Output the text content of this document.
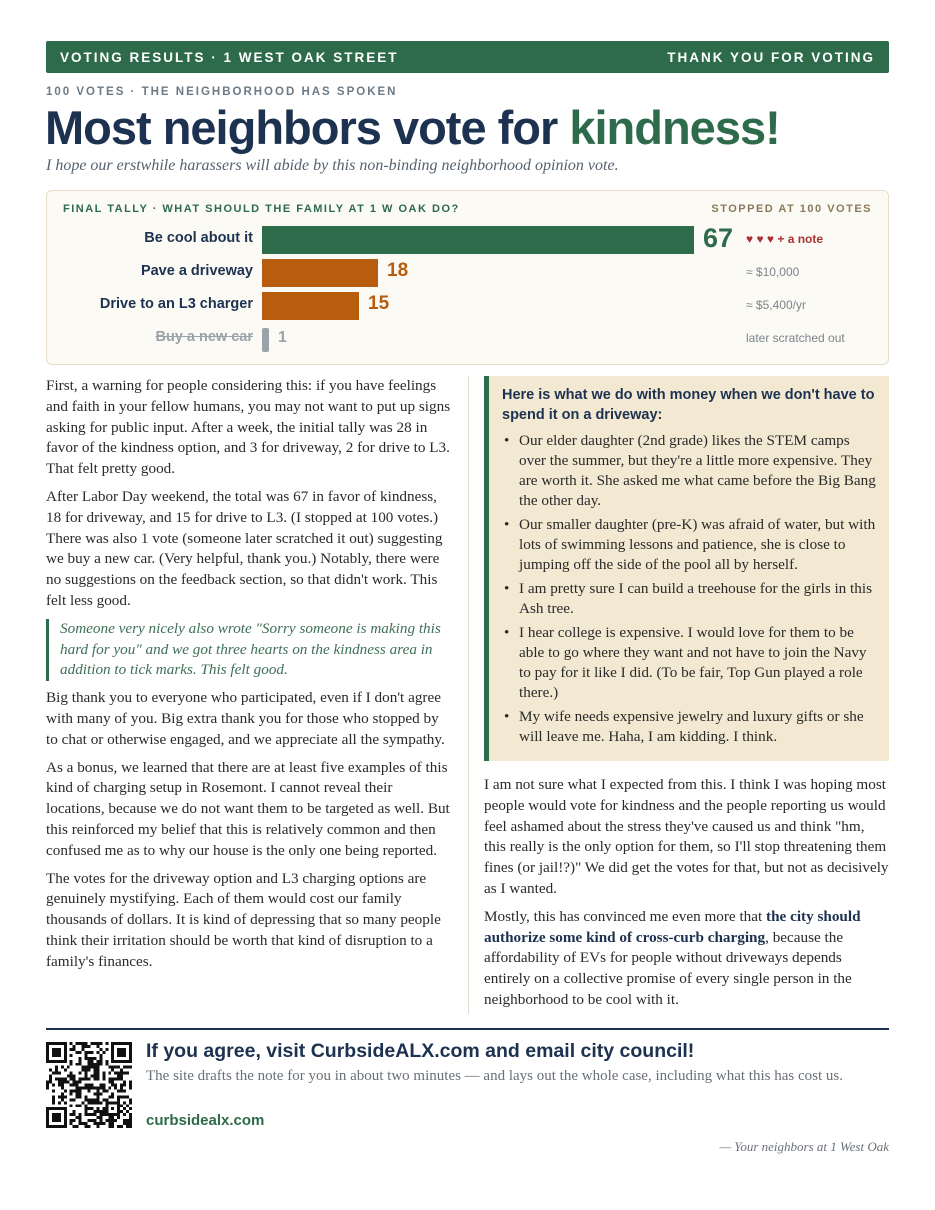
VOTING RESULTS · 1 WEST OAK STREET	THANK YOU FOR VOTING
100 VOTES · THE NEIGHBORHOOD HAS SPOKEN
Most neighbors vote for kindness!
I hope our erstwhile harassers will abide by this non-binding neighborhood opinion vote.
FINAL TALLY · WHAT SHOULD THE FAMILY AT 1 W OAK DO?	STOPPED AT 100 VOTES
Be cool about it	67 ♥ ♥ ♥ + a note
Pave a driveway	18	≈ $10,000
Drive to an L3 charger	15	≈ $5,400/yr
Buy a new car 1	later scratched out

First, a warning for people considering this: if you have feelings and faith in your fellow humans, you may not want to put up signs asking for public input. After a week, the initial tally was 28 in favor of the kindness option, and 3 for driveway, 2 for drive to L3. That felt pretty good.

After Labor Day weekend, the total was 67 in favor of kindness, 18 for driveway, and 15 for drive to L3. (I stopped at 100 votes.) There was also 1 vote (someone later scratched it out) suggesting we buy a new car. (Very helpful, thank you.) Notably, there were no suggestions on the feedback section, so that didn't work. This felt less good.

Someone very nicely also wrote "Sorry someone is making this hard for you" and we got three hearts on the kindness area in addition to tick marks. This felt good.

Big thank you to everyone who participated, even if I don't agree with many of you. Big extra thank you for those who stopped by to chat or otherwise engaged, and we appreciate all the sympathy.

As a bonus, we learned that there are at least five examples of this kind of charging setup in Rosemont. I cannot reveal their locations, because we do not want them to be targeted as well. But this reinforced my belief that this is relatively common and then confused me as to why our house is the only one being reported.

The votes for the driveway option and L3 charging options are genuinely mystifying. Each of them would cost our family thousands of dollars. It is kind of depressing that so many people think their irritation should be worth that kind of disruption to a family's finances.

Here is what we do with money when we don't have to spend it on a driveway:
• Our elder daughter (2nd grade) likes the STEM camps over the summer, but they're a little more expensive. They are worth it. She asked me what came before the Big Bang the other day.
• Our smaller daughter (pre-K) was afraid of water, but with lots of swimming lessons and patience, she is close to jumping off the side of the pool all by herself.
• I am pretty sure I can build a treehouse for the girls in this Ash tree.
• I hear college is expensive. I would love for them to be able to go where they want and not have to join the Navy to pay for it like I did. (To be fair, Top Gun played a role there.)
• My wife needs expensive jewelry and luxury gifts or she will leave me. Haha, I am kidding. I think.

I am not sure what I expected from this. I think I was hoping most people would vote for kindness and the people reporting us would feel ashamed about the stress they've caused us and think "hm, this really is the only option for them, so I'll stop threatening them fines (or jail!?)" We did get the votes for that, but not as decisively as I wanted.

Mostly, this has convinced me even more that the city should authorize some kind of cross-curb charging, because the affordability of EVs for people without driveways depends entirely on a collective promise of every single person in the neighborhood to be cool with it.

If you agree, visit CurbsideALX.com and email city council!
The site drafts the note for you in about two minutes — and lays out the whole case, including what this has cost us.
curbsidealx.com
— Your neighbors at 1 West Oak
